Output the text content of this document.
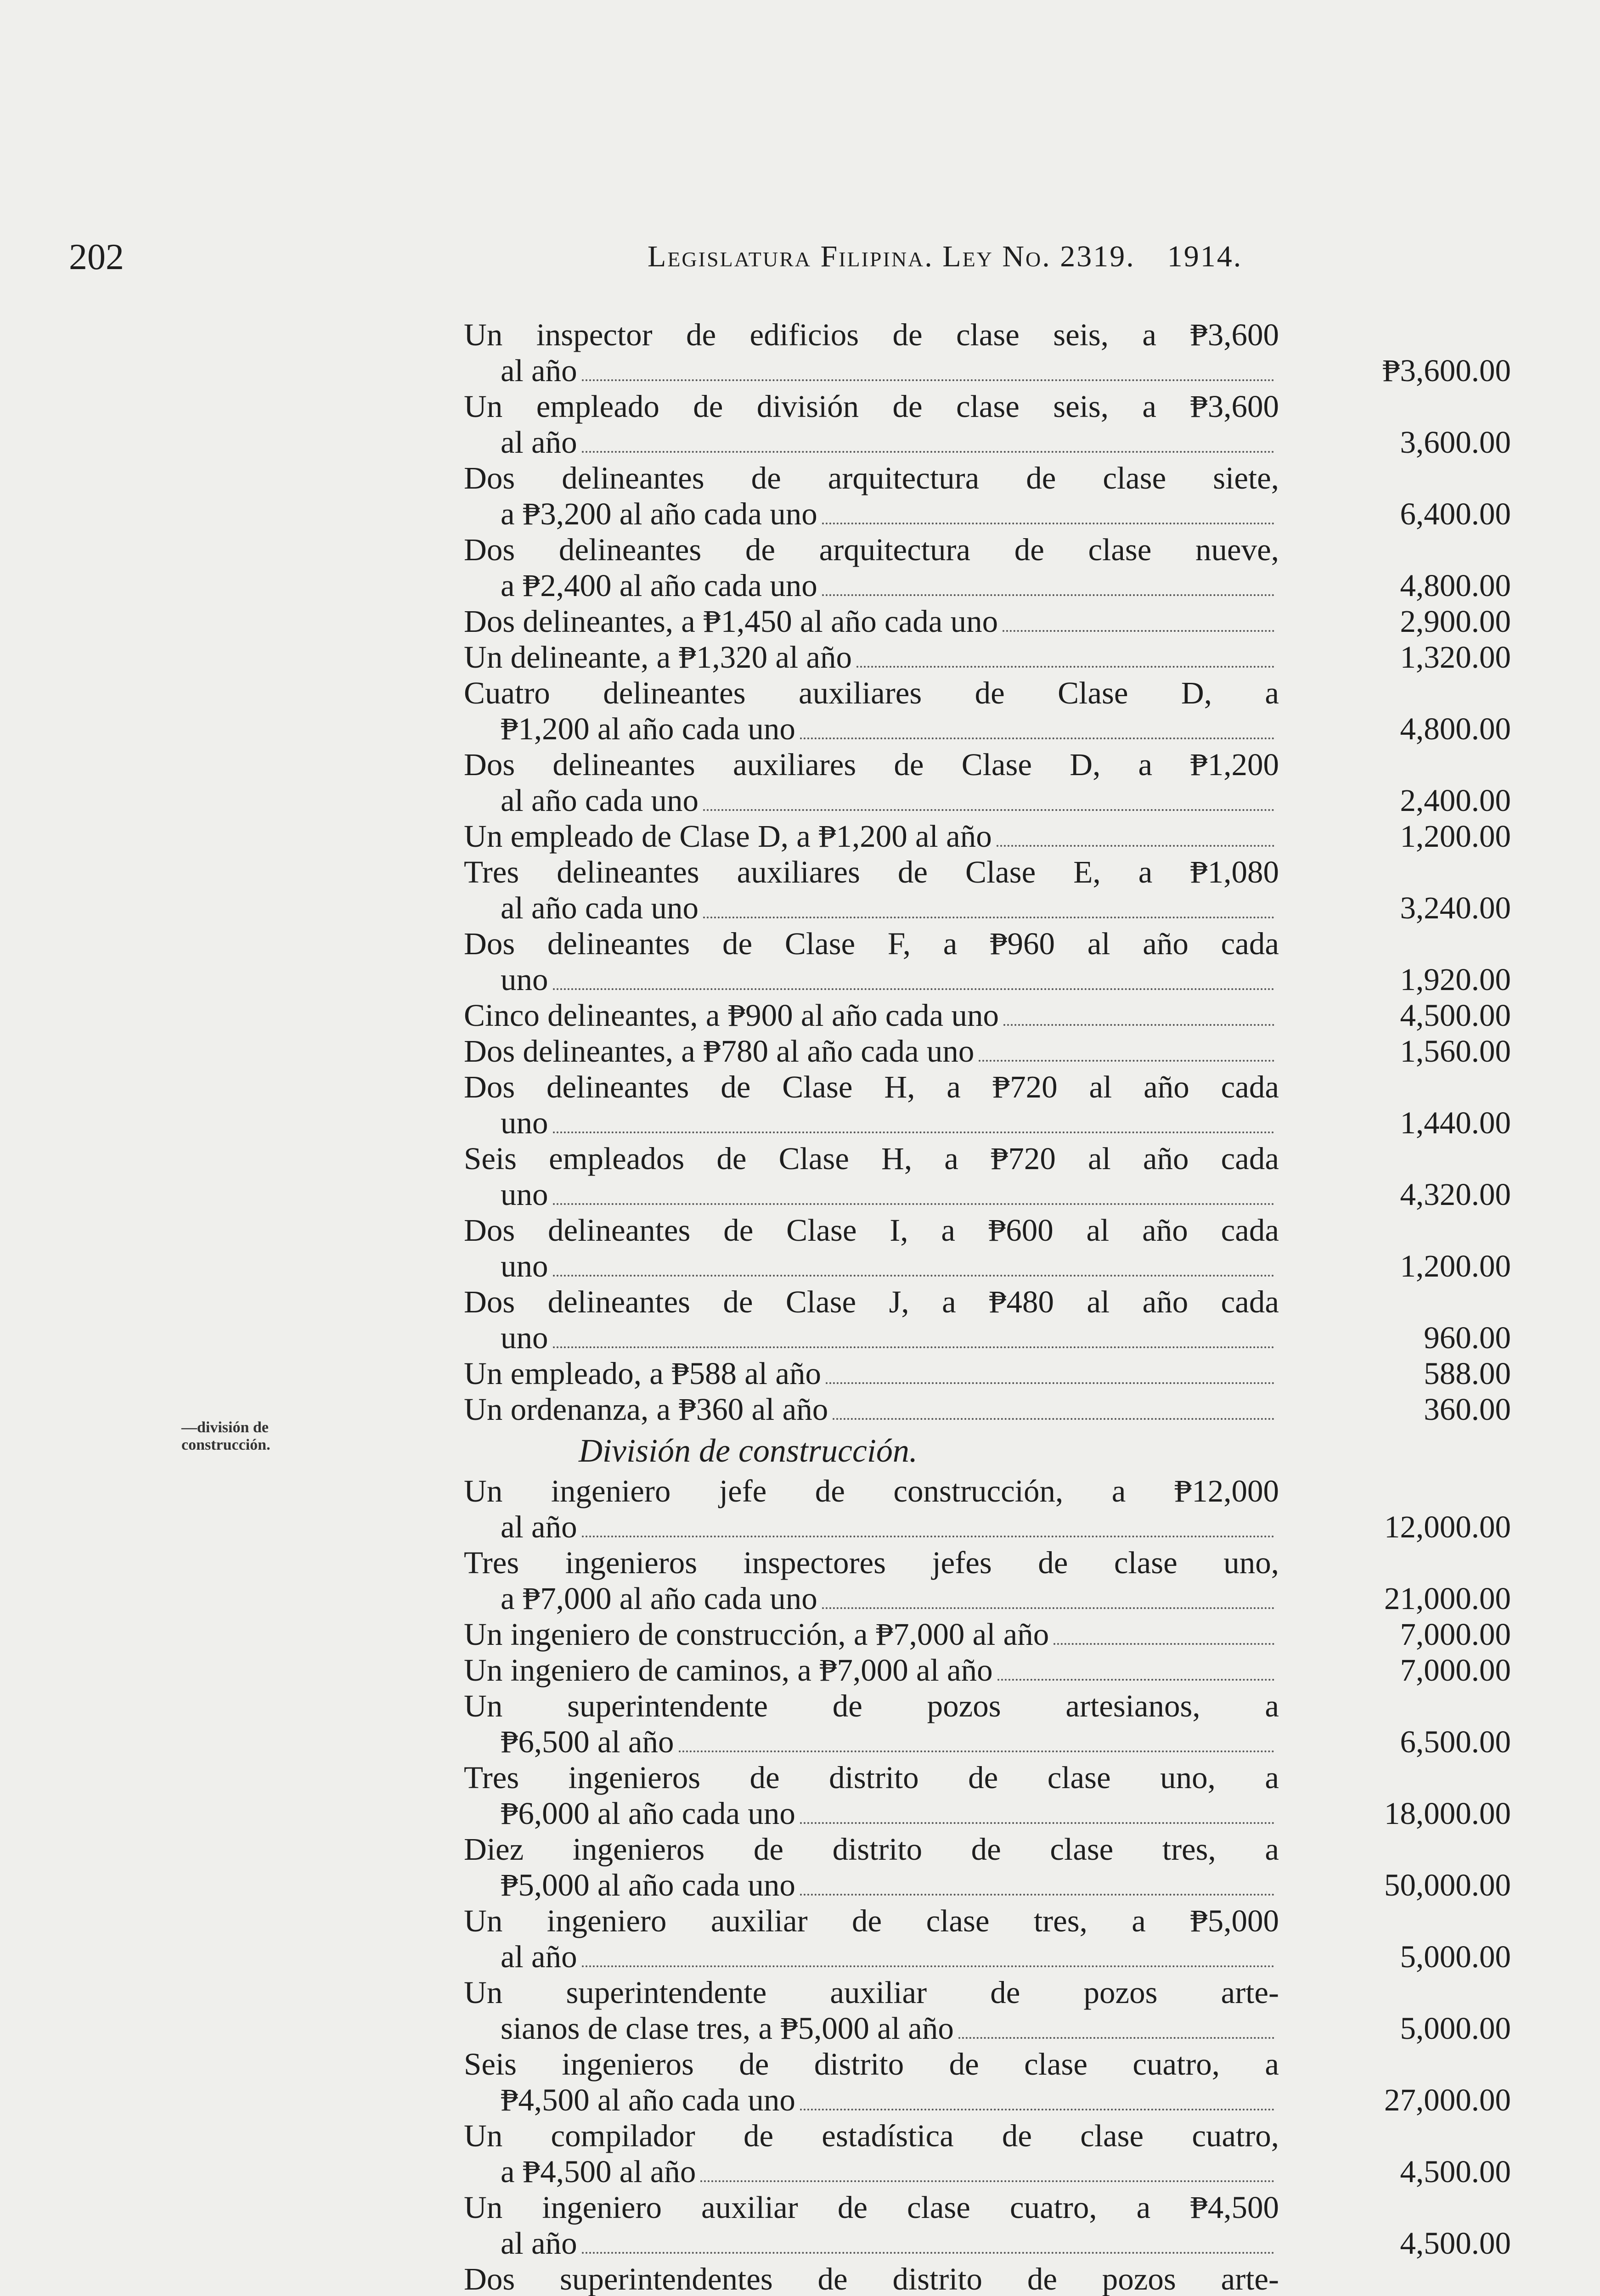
202	Legislatura Filipina. Ley No. 2319. 1914.
—división de construcción.
Un inspector de edificios de clase seis, a ₱3,600
al año	₱3,600.00
Un empleado de división de clase seis, a ₱3,600
al año	3,600.00
Dos delineantes de arquitectura de clase siete,
a ₱3,200 al año cada uno	6,400.00
Dos delineantes de arquitectura de clase nueve,
a ₱2,400 al año cada uno	4,800.00
Dos delineantes, a ₱1,450 al año cada uno	2,900.00
Un delineante, a ₱1,320 al año	1,320.00
Cuatro delineantes auxiliares de Clase D, a
₱1,200 al año cada uno	4,800.00
Dos delineantes auxiliares de Clase D, a ₱1,200
al año cada uno	2,400.00
Un empleado de Clase D, a ₱1,200 al año	1,200.00
Tres delineantes auxiliares de Clase E, a ₱1,080
al año cada uno	3,240.00
Dos delineantes de Clase F, a ₱960 al año cada
uno	1,920.00
Cinco delineantes, a ₱900 al año cada uno	4,500.00
Dos delineantes, a ₱780 al año cada uno	1,560.00
Dos delineantes de Clase H, a ₱720 al año cada
uno	1,440.00
Seis empleados de Clase H, a ₱720 al año cada
uno	4,320.00
Dos delineantes de Clase I, a ₱600 al año cada
uno	1,200.00
Dos delineantes de Clase J, a ₱480 al año cada
uno	960.00
Un empleado, a ₱588 al año	588.00
Un ordenanza, a ₱360 al año	360.00
División de construcción.
Un ingeniero jefe de construcción, a ₱12,000
al año	12,000.00
Tres ingenieros inspectores jefes de clase uno,
a ₱7,000 al año cada uno	21,000.00
Un ingeniero de construcción, a ₱7,000 al año	7,000.00
Un ingeniero de caminos, a ₱7,000 al año	7,000.00
Un superintendente de pozos artesianos, a
₱6,500 al año	6,500.00
Tres ingenieros de distrito de clase uno, a
₱6,000 al año cada uno	18,000.00
Diez ingenieros de distrito de clase tres, a
₱5,000 al año cada uno	50,000.00
Un ingeniero auxiliar de clase tres, a ₱5,000
al año	5,000.00
Un superintendente auxiliar de pozos arte-
sianos de clase tres, a ₱5,000 al año	5,000.00
Seis ingenieros de distrito de clase cuatro, a
₱4,500 al año cada uno	27,000.00
Un compilador de estadística de clase cuatro,
a ₱4,500 al año	4,500.00
Un ingeniero auxiliar de clase cuatro, a ₱4,500
al año	4,500.00
Dos superintendentes de distrito de pozos arte-
